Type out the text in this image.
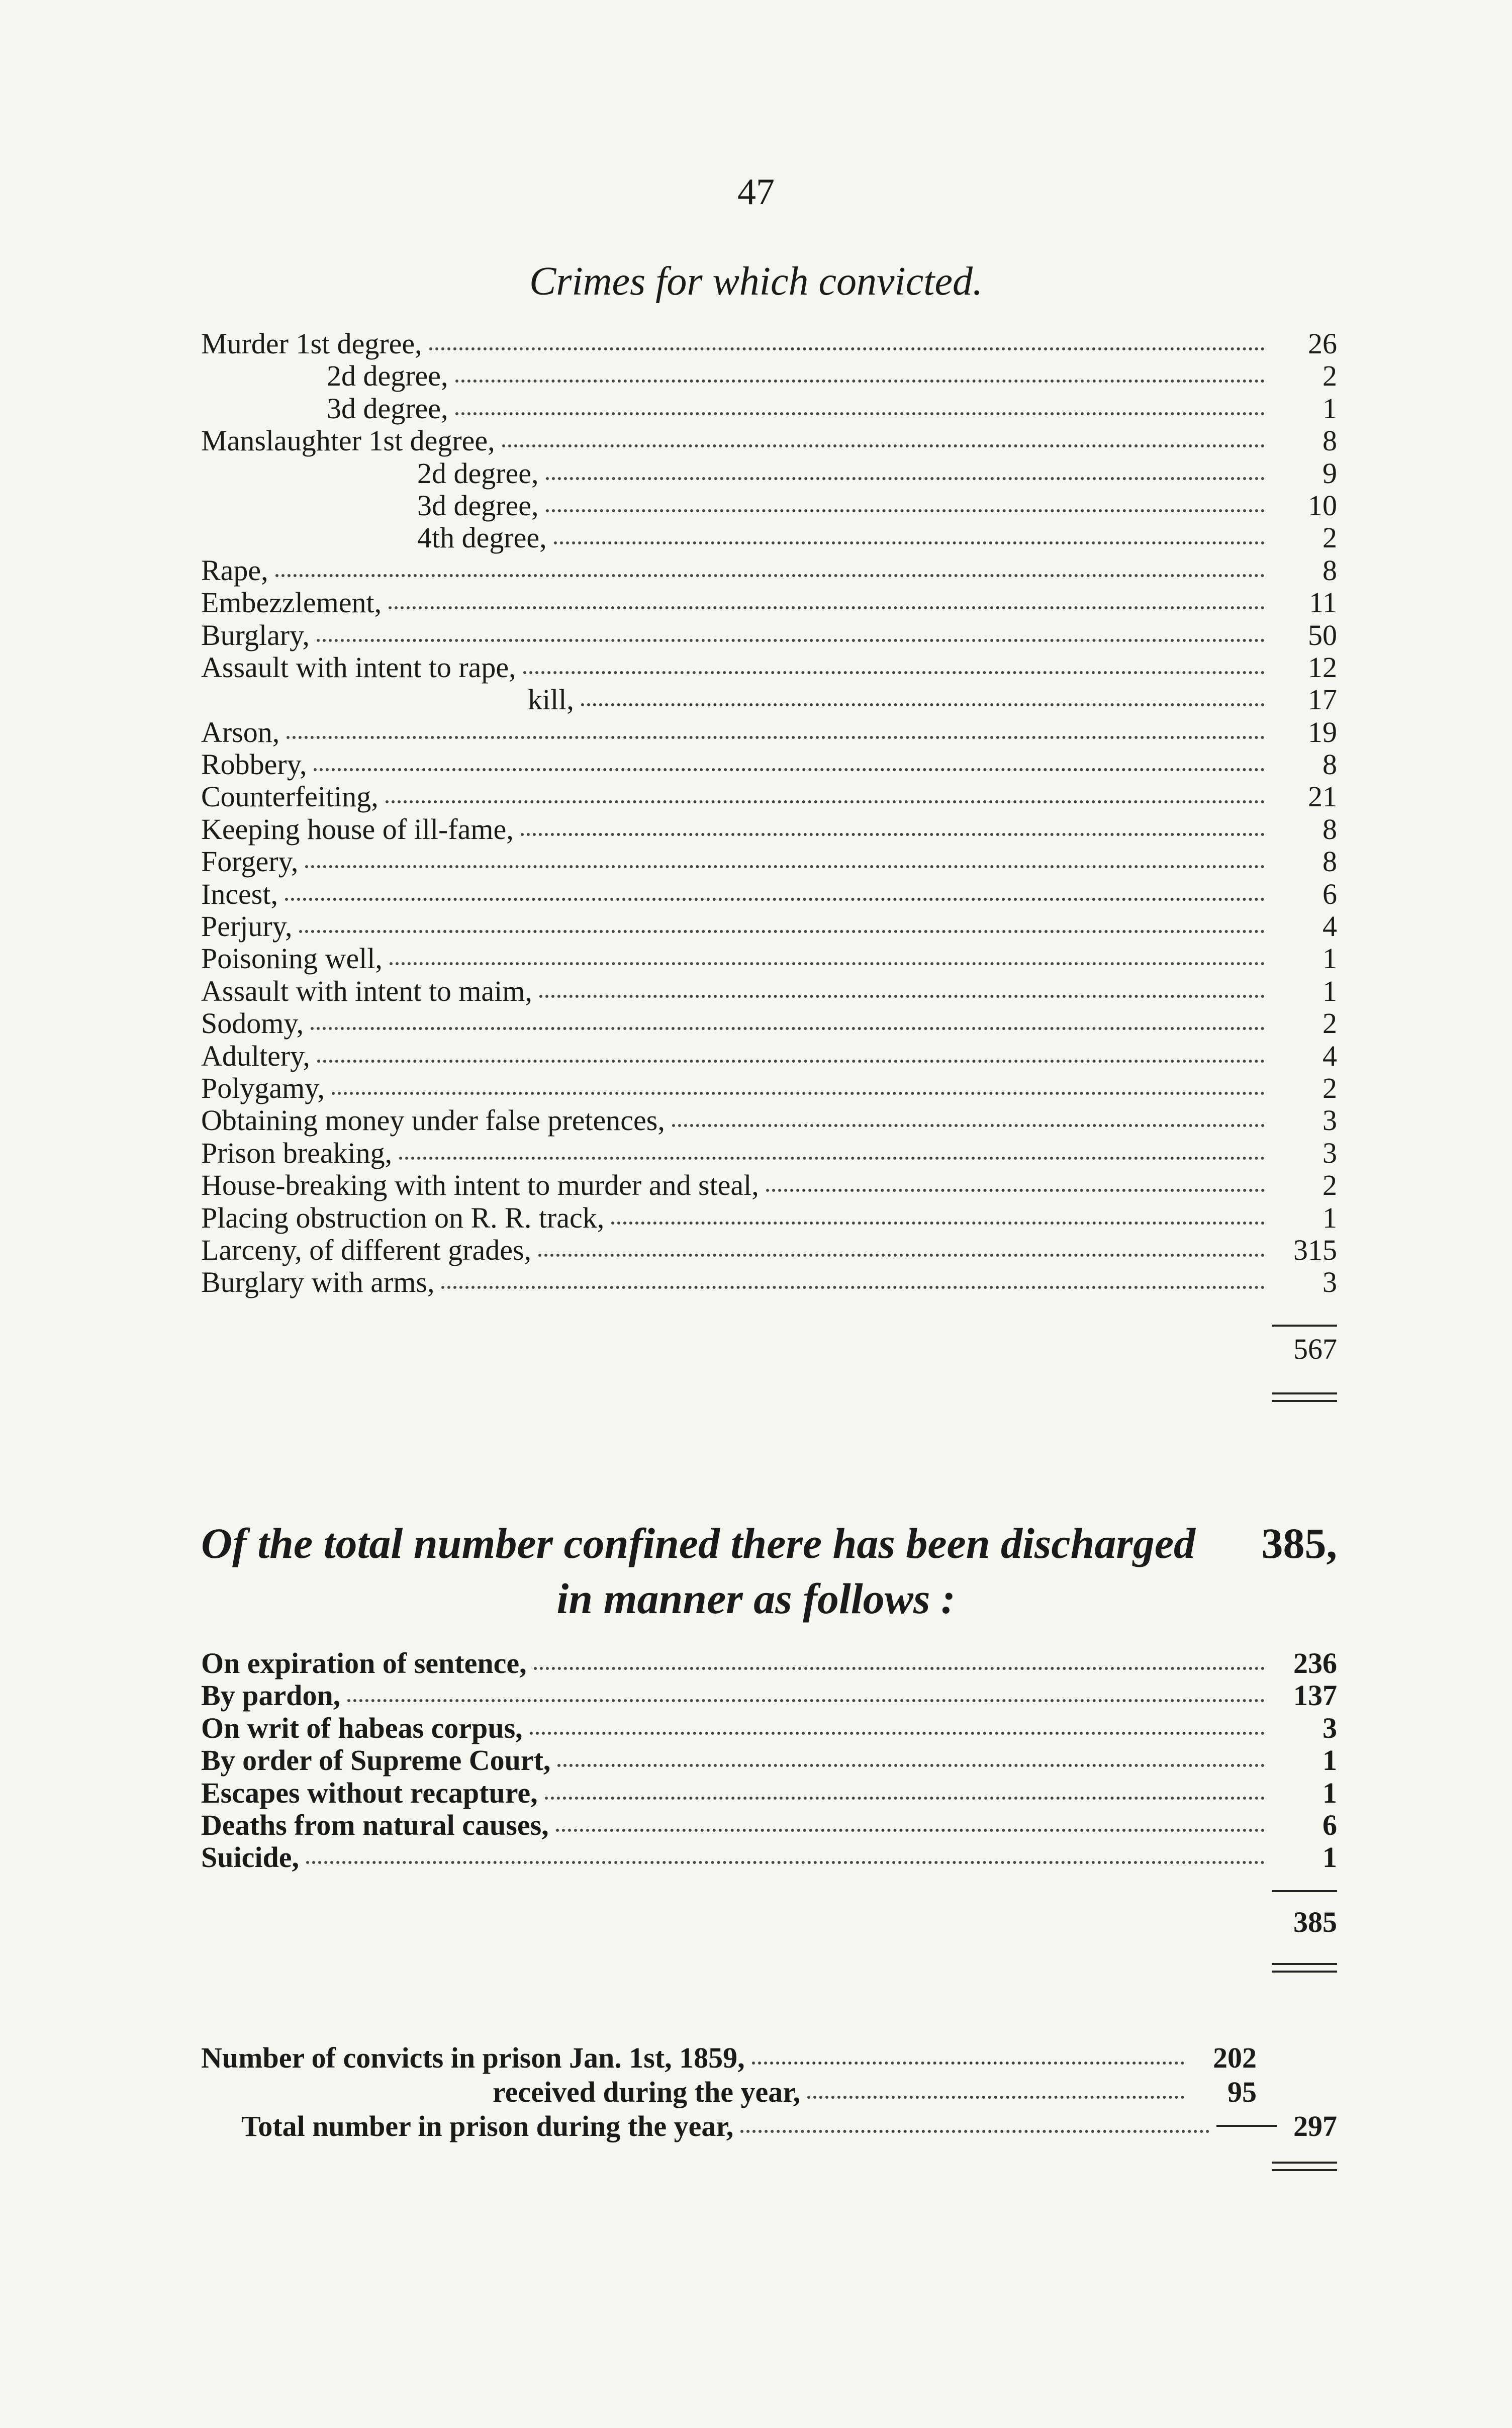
47
Crimes for which convicted.
Murder 1st degree,	26
2d degree,	2
3d degree,	1
Manslaughter 1st degree,	8
2d degree,	9
3d degree,	10
4th degree,	2
Rape,	8
Embezzlement,	11
Burglary,	50
Assault with intent to rape,	12
kill,	17
Arson,	19
Robbery,	8
Counterfeiting,	21
Keeping house of ill-fame,	8
Forgery,	8
Incest,	6
Perjury,	4
Poisoning well,	1
Assault with intent to maim,	1
Sodomy,	2
Adultery,	4
Polygamy,	2
Obtaining money under false pretences,	3
Prison breaking,	3
House-breaking with intent to murder and steal,	2
Placing obstruction on R. R. track,	1
Larceny, of different grades,	315
Burglary with arms,	3
567
Of the total number confined there has been discharged 385,
in manner as follows :
On expiration of sentence,	236
By pardon,	137
On writ of habeas corpus,	3
By order of Supreme Court,	1
Escapes without recapture,	1
Deaths from natural causes,	6
Suicide,	1
385
Number of convicts in prison Jan. 1st, 1859,	202
received during the year,	95
Total number in prison during the year,	297
